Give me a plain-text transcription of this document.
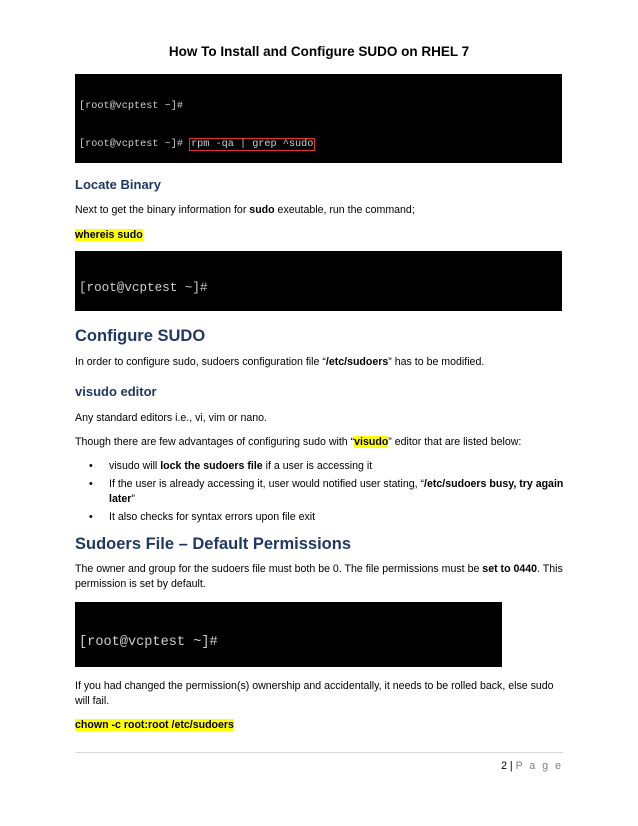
How To Install and Configure SUDO on RHEL 7

[root@vcptest ~]#

[root@vcptest ~]# rpm -qa | grep ^sudo

Locate Binary
Next to get the binary information for sudo exeutable, run the command;
whereis sudo

[root@vcptest ~]#

Configure SUDO
In order to configure sudo, sudoers configuration file “/etc/sudoers” has to be modified.
visudo editor
Any standard editors i.e., vi, vim or nano.
Though there are few advantages of configuring sudo with “visudo” editor that are listed below:
• visudo will lock the sudoers file if a user is accessing it
• If the user is already accessing it, user would notified user stating, “/etc/sudoers busy, try again later”
• It also checks for syntax errors upon file exit
Sudoers File – Default Permissions
The owner and group for the sudoers file must both be 0. The file permissions must be set to 0440. This permission is set by default.

[root@vcptest ~]#

If you had changed the permission(s) ownership and accidentally, it needs to be rolled back, else sudo will fail.
chown -c root:root /etc/sudoers
2 | P a g e
